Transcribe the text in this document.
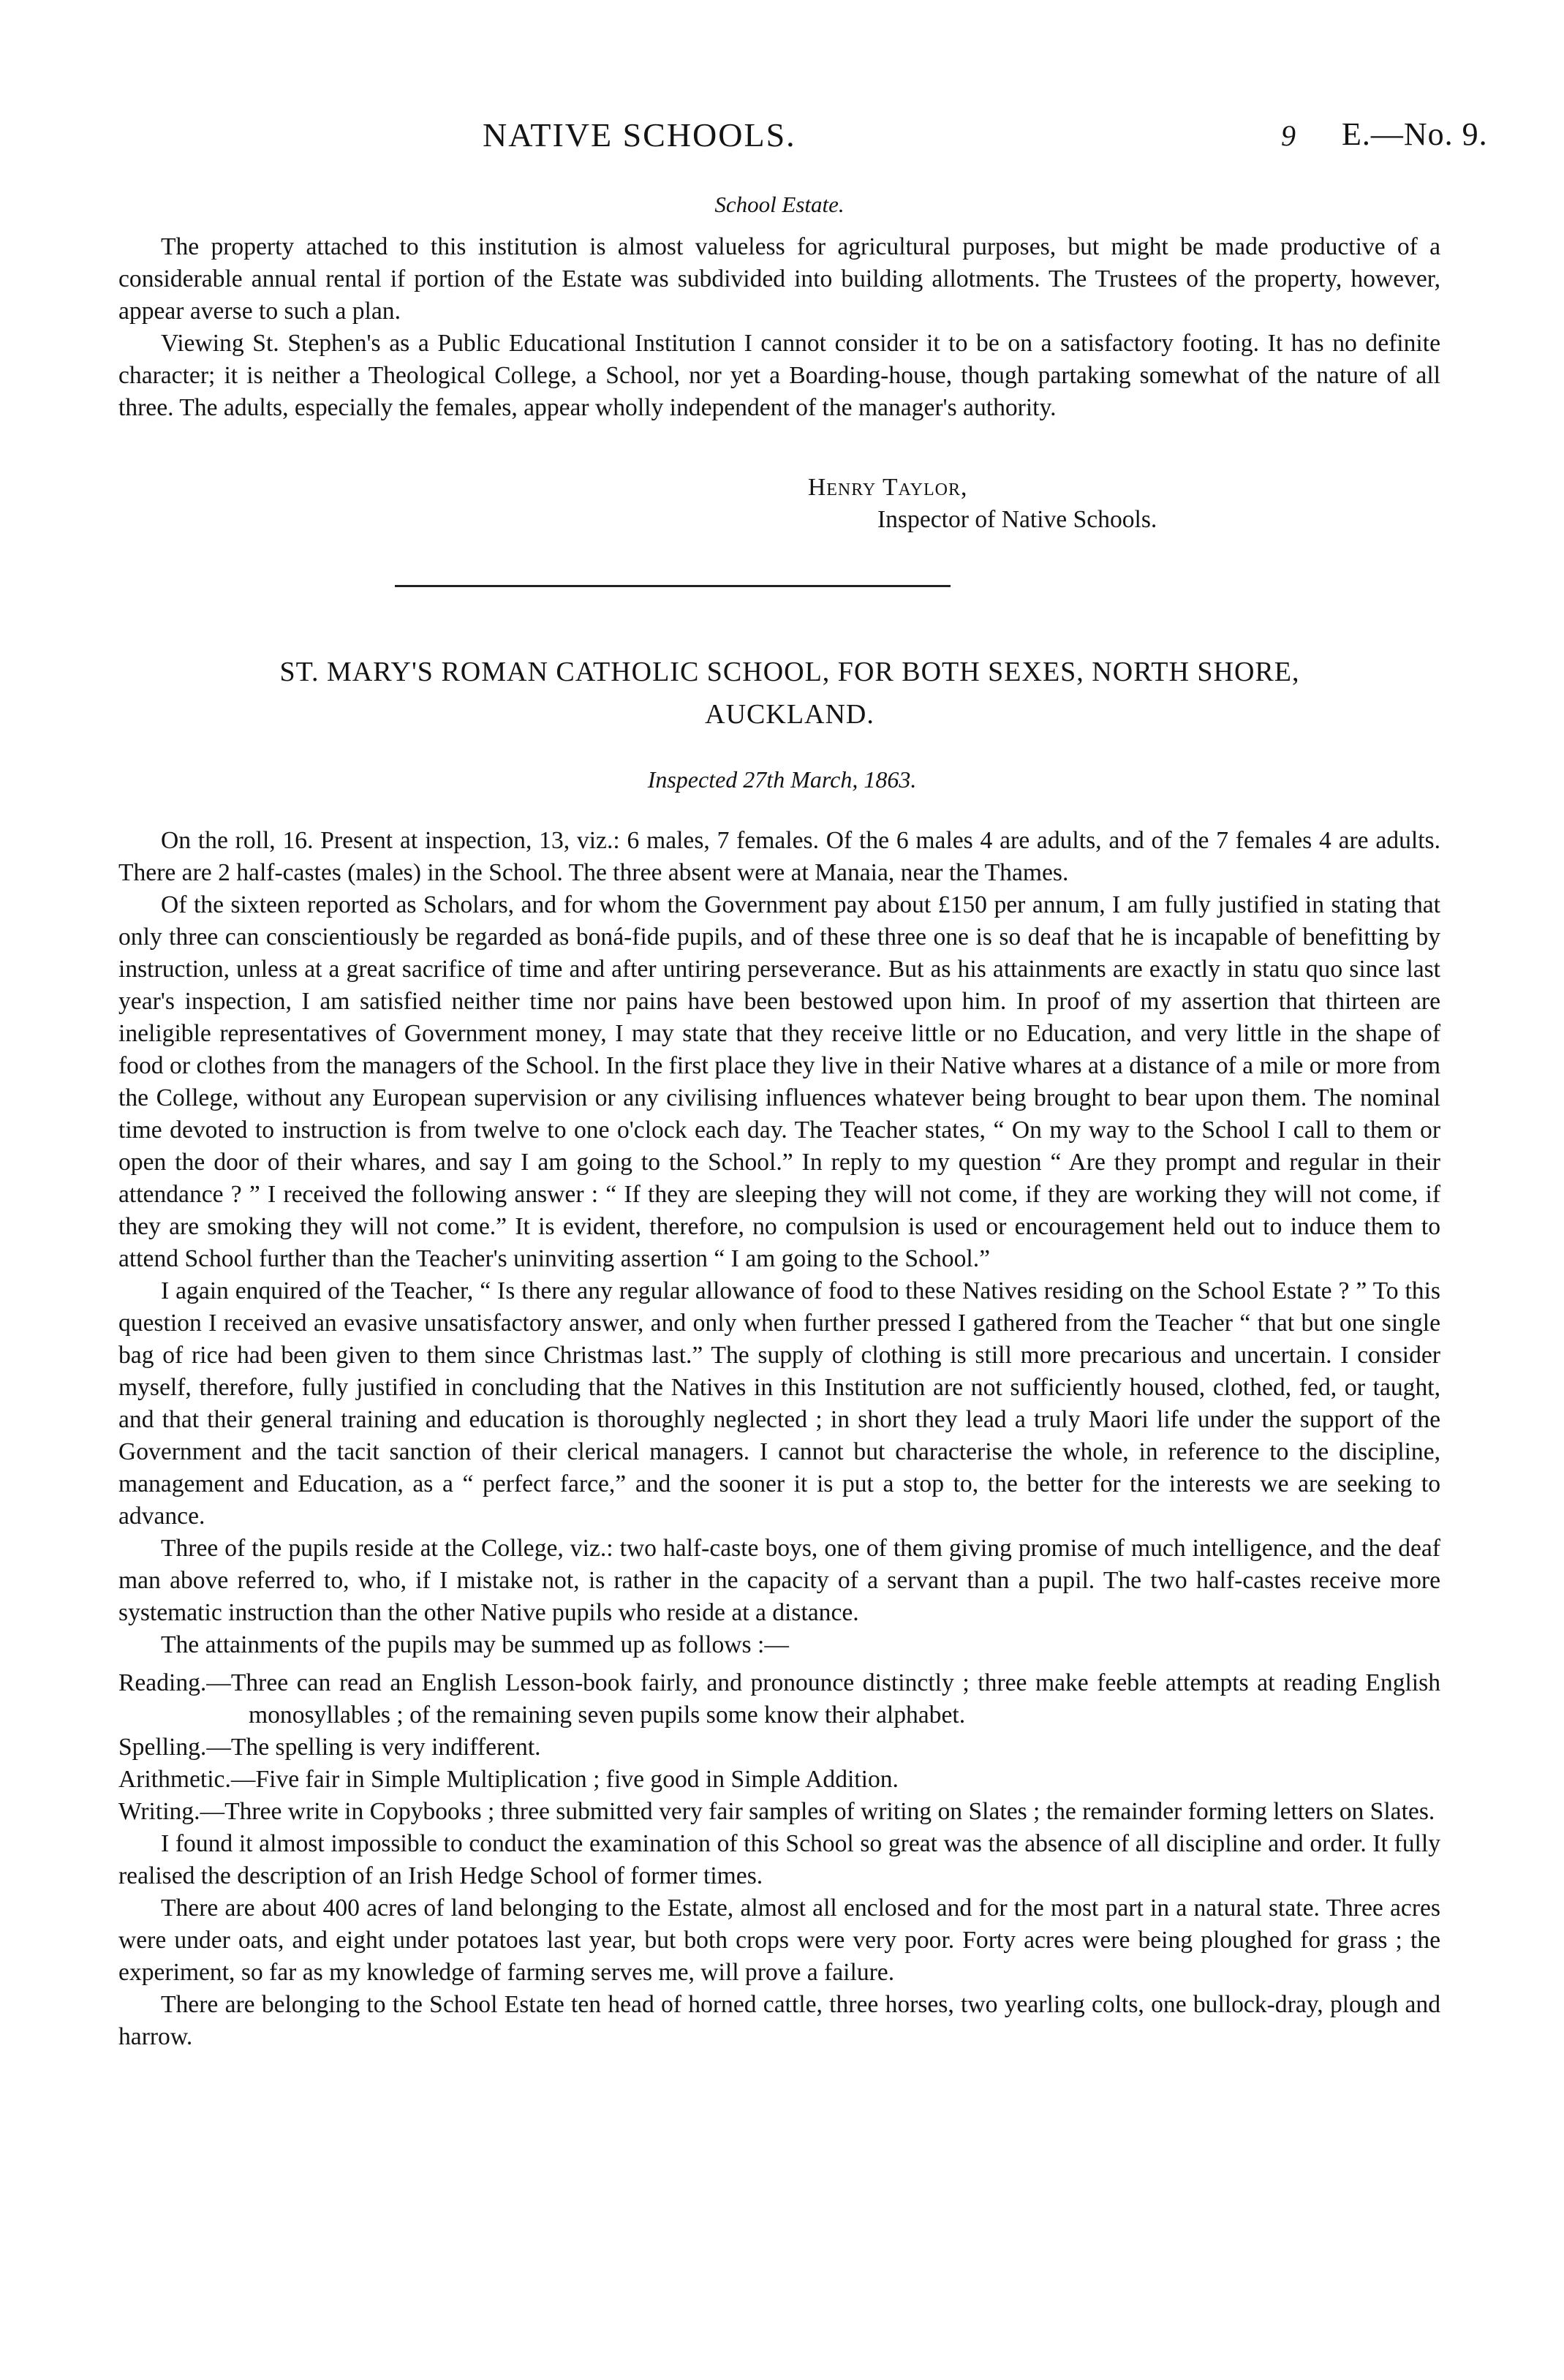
NATIVE SCHOOLS.	9 E.—No. 9.

School Estate.

The property attached to this institution is almost valueless for agricultural purposes, but might be made productive of a considerable annual rental if portion of the Estate was subdivided into building allotments. The Trustees of the property, however, appear averse to such a plan.

Viewing St. Stephen's as a Public Educational Institution I cannot consider it to be on a satisfactory footing. It has no definite character; it is neither a Theological College, a School, nor yet a Boarding-house, though partaking somewhat of the nature of all three. The adults, especially the females, appear wholly independent of the manager's authority.

Henry Taylor,
Inspector of Native Schools.
ST. MARY'S ROMAN CATHOLIC SCHOOL, FOR BOTH SEXES, NORTH SHORE,
AUCKLAND.
Inspected 27th March, 1863.

On the roll, 16. Present at inspection, 13, viz.: 6 males, 7 females. Of the 6 males 4 are adults, and of the 7 females 4 are adults. There are 2 half-castes (males) in the School. The three absent were at Manaia, near the Thames.

Of the sixteen reported as Scholars, and for whom the Government pay about £150 per annum, I am fully justified in stating that only three can conscientiously be regarded as boná-fide pupils, and of these three one is so deaf that he is incapable of benefitting by instruction, unless at a great sacrifice of time and after untiring perseverance. But as his attainments are exactly in statu quo since last year's inspection, I am satisfied neither time nor pains have been bestowed upon him. In proof of my assertion that thirteen are ineligible representatives of Government money, I may state that they receive little or no Education, and very little in the shape of food or clothes from the managers of the School. In the first place they live in their Native whares at a distance of a mile or more from the College, without any European supervision or any civilising influences whatever being brought to bear upon them. The nominal time devoted to instruction is from twelve to one o'clock each day. The Teacher states, “ On my way to the School I call to them or open the door of their whares, and say I am going to the School.” In reply to my question “ Are they prompt and regular in their attendance ? ” I received the following answer : “ If they are sleeping they will not come, if they are working they will not come, if they are smoking they will not come.” It is evident, therefore, no compulsion is used or encouragement held out to induce them to attend School further than the Teacher's uninviting assertion “ I am going to the School.”

I again enquired of the Teacher, “ Is there any regular allowance of food to these Natives residing on the School Estate ? ” To this question I received an evasive unsatisfactory answer, and only when further pressed I gathered from the Teacher “ that but one single bag of rice had been given to them since Christmas last.” The supply of clothing is still more precarious and uncertain. I consider myself, therefore, fully justified in concluding that the Natives in this Institution are not sufficiently housed, clothed, fed, or taught, and that their general training and education is thoroughly neglected ; in short they lead a truly Maori life under the support of the Government and the tacit sanction of their clerical managers. I cannot but characterise the whole, in reference to the discipline, management and Education, as a “ perfect farce,” and the sooner it is put a stop to, the better for the interests we are seeking to advance.

Three of the pupils reside at the College, viz.: two half-caste boys, one of them giving promise of much intelligence, and the deaf man above referred to, who, if I mistake not, is rather in the capacity of a servant than a pupil. The two half-castes receive more systematic instruction than the other Native pupils who reside at a distance.

The attainments of the pupils may be summed up as follows :—

Reading.—Three can read an English Lesson-book fairly, and pronounce distinctly ; three make feeble attempts at reading English monosyllables ; of the remaining seven pupils some know their alphabet.

Spelling.—The spelling is very indifferent.

Arithmetic.—Five fair in Simple Multiplication ; five good in Simple Addition.

Writing.—Three write in Copybooks ; three submitted very fair samples of writing on Slates ; the remainder forming letters on Slates.

I found it almost impossible to conduct the examination of this School so great was the absence of all discipline and order. It fully realised the description of an Irish Hedge School of former times.

There are about 400 acres of land belonging to the Estate, almost all enclosed and for the most part in a natural state. Three acres were under oats, and eight under potatoes last year, but both crops were very poor. Forty acres were being ploughed for grass ; the experiment, so far as my knowledge of farming serves me, will prove a failure.

There are belonging to the School Estate ten head of horned cattle, three horses, two yearling colts, one bullock-dray, plough and harrow.
